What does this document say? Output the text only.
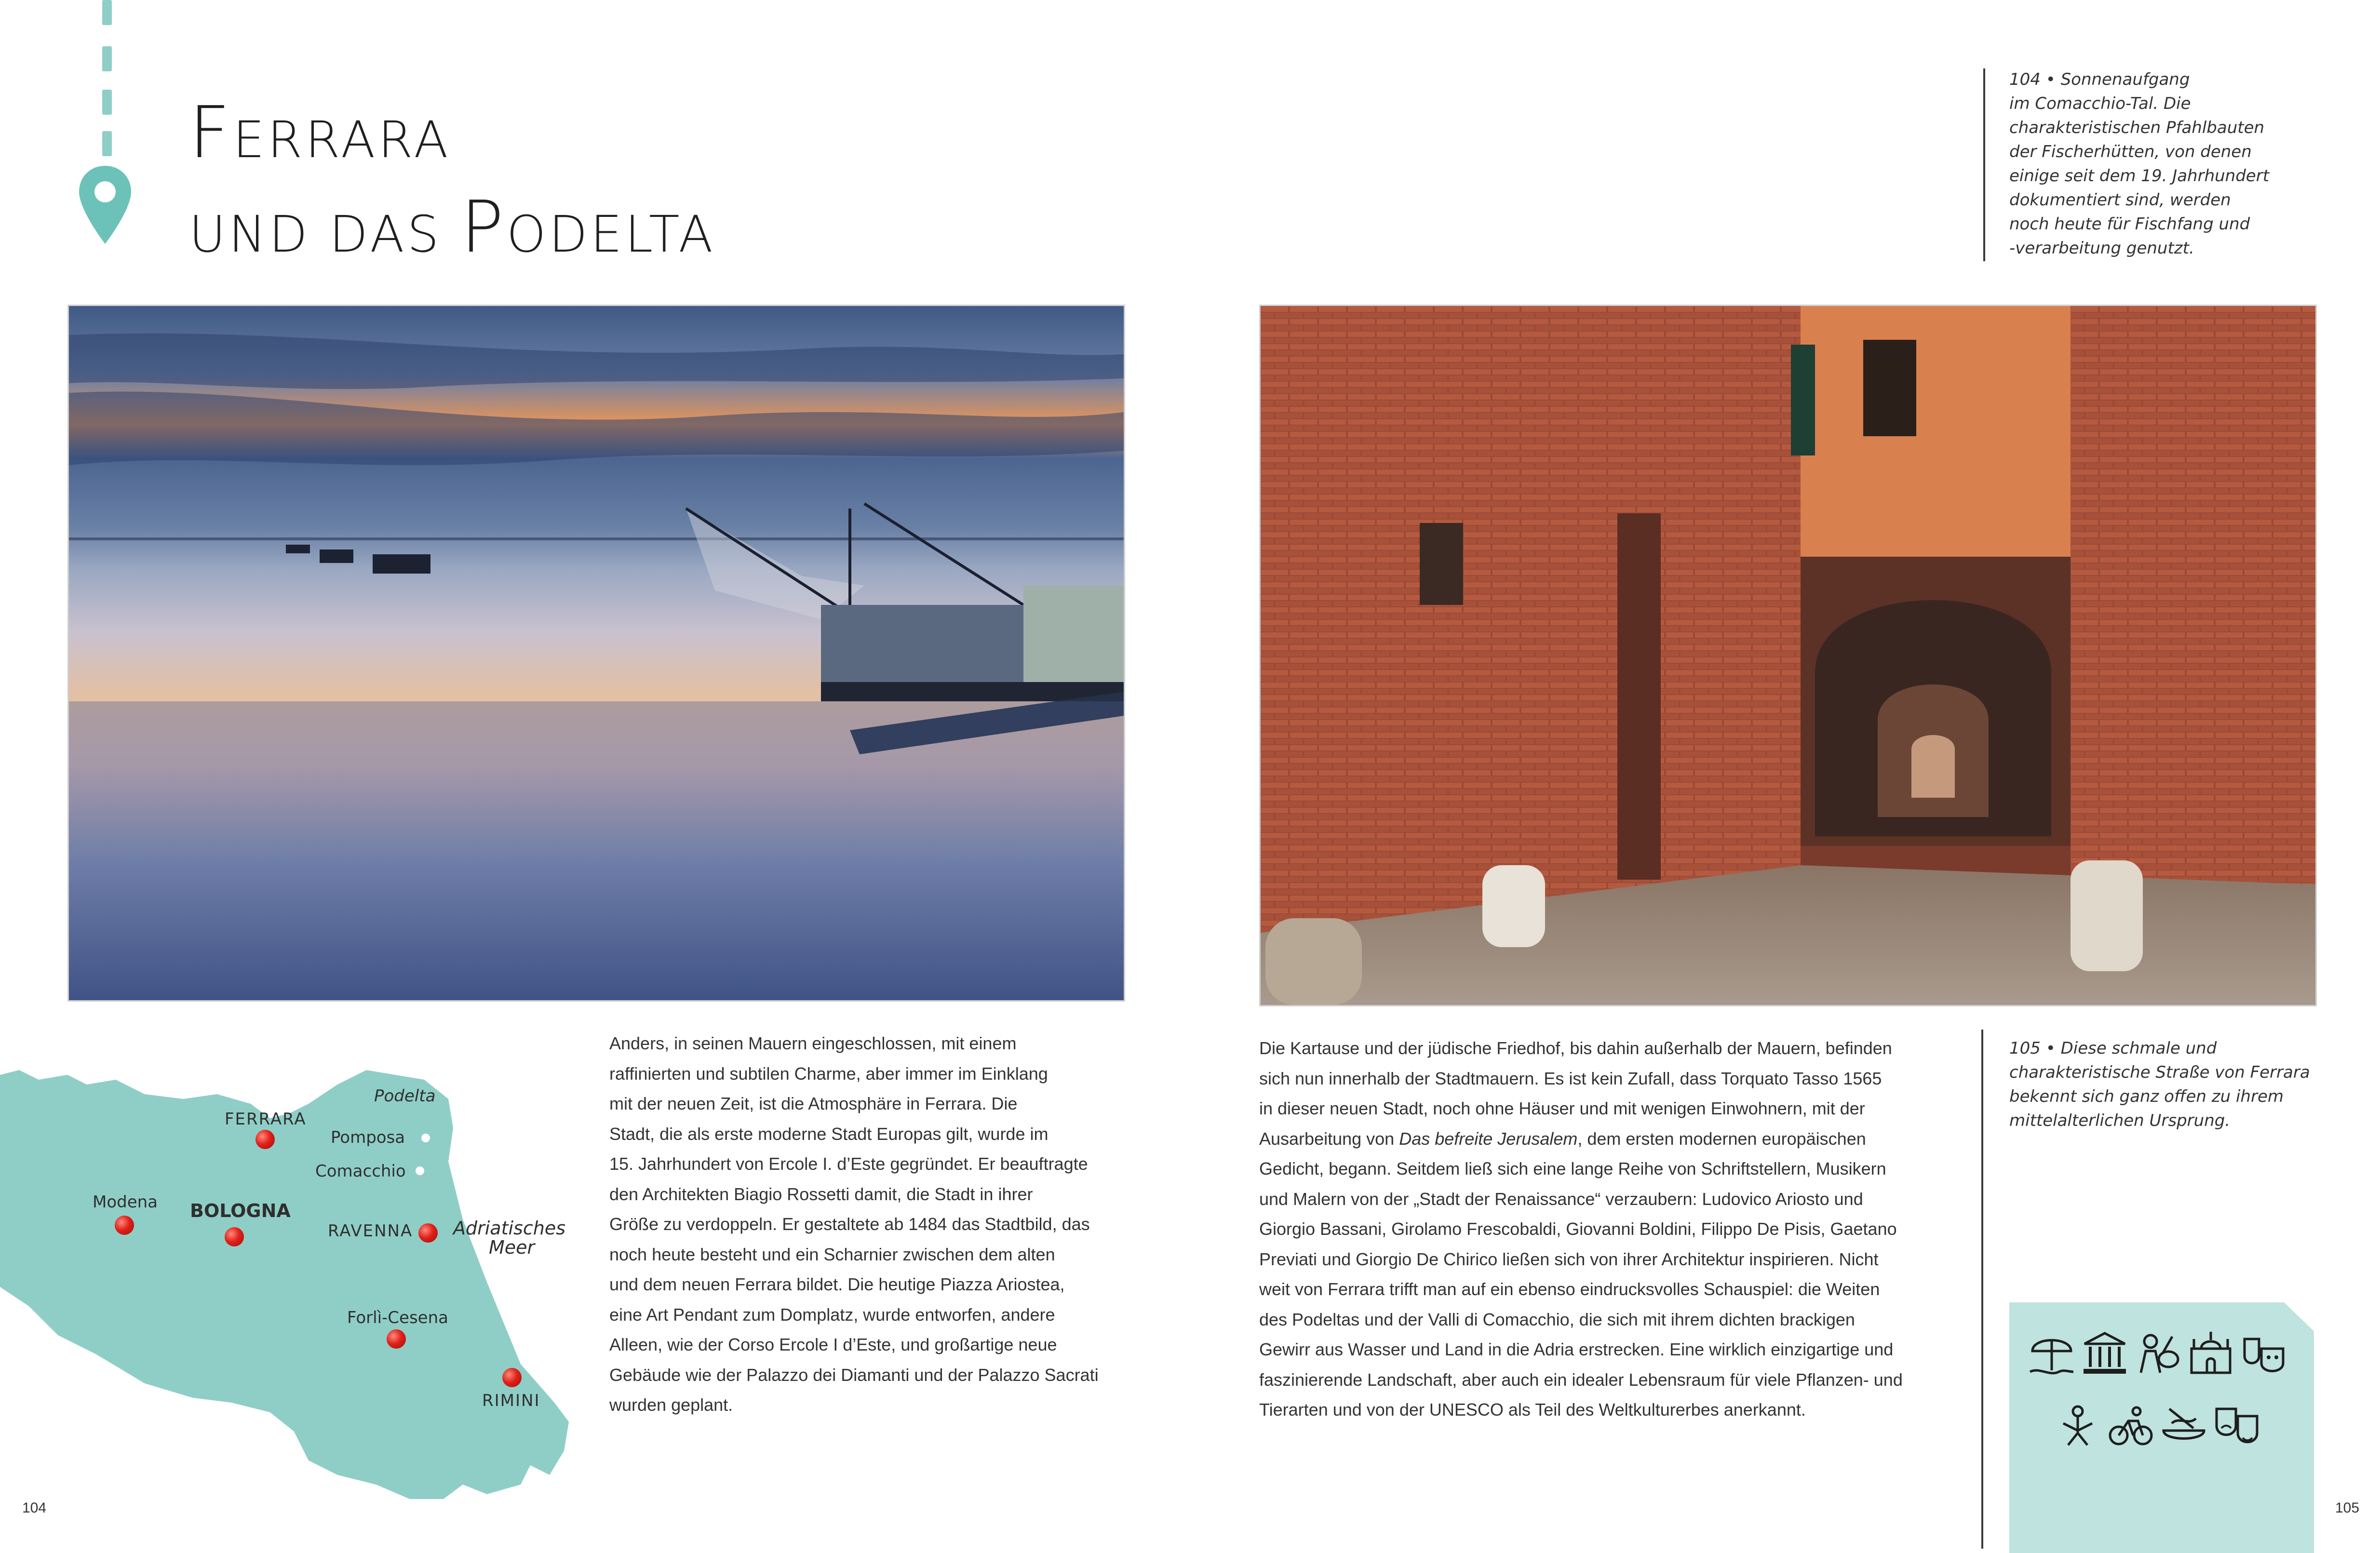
FERRARA
UND DAS PODELTA
104 • Sonnenaufgang
im Comacchio-Tal. Die
charakteristischen Pfahlbauten
der Fischerhütten, von denen
einige seit dem 19. Jahrhundert
dokumentiert sind, werden
noch heute für Fischfang und
-verarbeitung genutzt.
Podelta
FERRARA
Pomposa
Comacchio
Modena BOLOGNA
RAVENNA Adriatisches
Meer
Forlì-Cesena
RIMINI

Anders, in seinen Mauern eingeschlossen, mit einem

raffinierten und subtilen Charme, aber immer im Einklang

mit der neuen Zeit, ist die Atmosphäre in Ferrara. Die

Stadt, die als erste moderne Stadt Europas gilt, wurde im

15. Jahrhundert von Ercole I. d’Este gegründet. Er beauftragte

den Architekten Biagio Rossetti damit, die Stadt in ihrer

Größe zu verdoppeln. Er gestaltete ab 1484 das Stadtbild, das

noch heute besteht und ein Scharnier zwischen dem alten

und dem neuen Ferrara bildet. Die heutige Piazza Ariostea,

eine Art Pendant zum Domplatz, wurde entworfen, andere

Alleen, wie der Corso Ercole I d’Este, und großartige neue

Gebäude wie der Palazzo dei Diamanti und der Palazzo Sacrati

wurden geplant.

Die Kartause und der jüdische Friedhof, bis dahin außerhalb der Mauern, befinden

sich nun innerhalb der Stadtmauern. Es ist kein Zufall, dass Torquato Tasso 1565

in dieser neuen Stadt, noch ohne Häuser und mit wenigen Einwohnern, mit der

Ausarbeitung von Das befreite Jerusalem, dem ersten modernen europäischen

Gedicht, begann. Seitdem ließ sich eine lange Reihe von Schriftstellern, Musikern

und Malern von der „Stadt der Renaissance“ verzaubern: Ludovico Ariosto und

Giorgio Bassani, Girolamo Frescobaldi, Giovanni Boldini, Filippo De Pisis, Gaetano

Previati und Giorgio De Chirico ließen sich von ihrer Architektur inspirieren. Nicht

weit von Ferrara trifft man auf ein ebenso eindrucksvolles Schauspiel: die Weiten

des Podeltas und der Valli di Comacchio, die sich mit ihrem dichten brackigen

Gewirr aus Wasser und Land in die Adria erstrecken. Eine wirklich einzigartige und

faszinierende Landschaft, aber auch ein idealer Lebensraum für viele Pflanzen- und

Tierarten und von der UNESCO als Teil des Weltkulturerbes anerkannt.

105 • Diese schmale und
charakteristische Straße von Ferrara
bekennt sich ganz offen zu ihrem
mittelalterlichen Ursprung.
104	105
